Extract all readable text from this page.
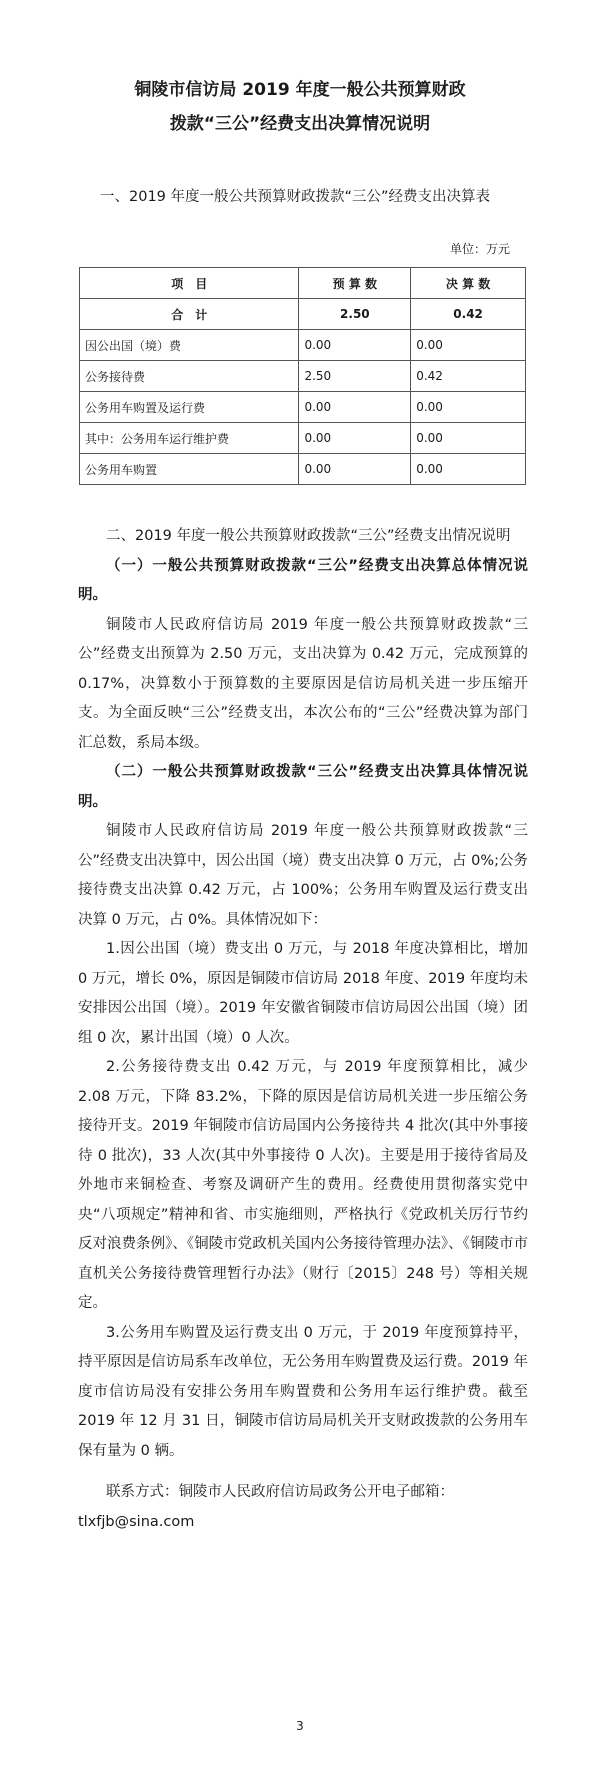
铜陵市信访局 2019 年度一般公共预算财政
拨款“三公”经费支出决算情况说明
一、2019 年度一般公共预算财政拨款“三公”经费支出决算表
单位：万元
项　目	预 算 数	决 算 数
合　计	2.50	0.42
因公出国（境）费	0.00	0.00
公务接待费	2.50	0.42
公务用车购置及运行费	0.00	0.00
其中：公务用车运行维护费	0.00	0.00
公务用车购置	0.00	0.00

二、2019 年度一般公共预算财政拨款“三公”经费支出情况说明

（一）一般公共预算财政拨款“三公”经费支出决算总体情况说明。

铜陵市人民政府信访局 2019 年度一般公共预算财政拨款“三公”经费支出预算为 2.50 万元，支出决算为 0.42 万元，完成预算的 0.17%，决算数小于预算数的主要原因是信访局机关进一步压缩开支。为全面反映“三公”经费支出，本次公布的“三公”经费决算为部门汇总数，系局本级。

（二）一般公共预算财政拨款“三公”经费支出决算具体情况说明。

铜陵市人民政府信访局 2019 年度一般公共预算财政拨款“三公”经费支出决算中，因公出国（境）费支出决算 0 万元，占 0%;公务接待费支出决算 0.42 万元，占 100%；公务用车购置及运行费支出决算 0 万元，占 0%。具体情况如下：

1.因公出国（境）费支出 0 万元，与 2018 年度决算相比，增加 0 万元，增长 0%，原因是铜陵市信访局 2018 年度、2019 年度均未安排因公出国（境）。2019 年安徽省铜陵市信访局因公出国（境）团组 0 次，累计出国（境）0 人次。

2.公务接待费支出 0.42 万元，与 2019 年度预算相比，减少 2.08 万元，下降 83.2%，下降的原因是信访局机关进一步压缩公务接待开支。2019 年铜陵市信访局国内公务接待共 4 批次(其中外事接待 0 批次)，33 人次(其中外事接待 0 人次)。主要是用于接待省局及外地市来铜检查、考察及调研产生的费用。经费使用贯彻落实党中央“八项规定”精神和省、市实施细则，严格执行《党政机关厉行节约反对浪费条例》、《铜陵市党政机关国内公务接待管理办法》、《铜陵市市直机关公务接待费管理暂行办法》（财行〔2015〕248 号）等相关规定。

3.公务用车购置及运行费支出 0 万元，于 2019 年度预算持平，持平原因是信访局系车改单位，无公务用车购置费及运行费。2019 年度市信访局没有安排公务用车购置费和公务用车运行维护费。截至 2019 年 12 月 31 日，铜陵市信访局局机关开支财政拨款的公务用车保有量为 0 辆。

联系方式：铜陵市人民政府信访局政务公开电子邮箱：

tlxfjb@sina.com

3
